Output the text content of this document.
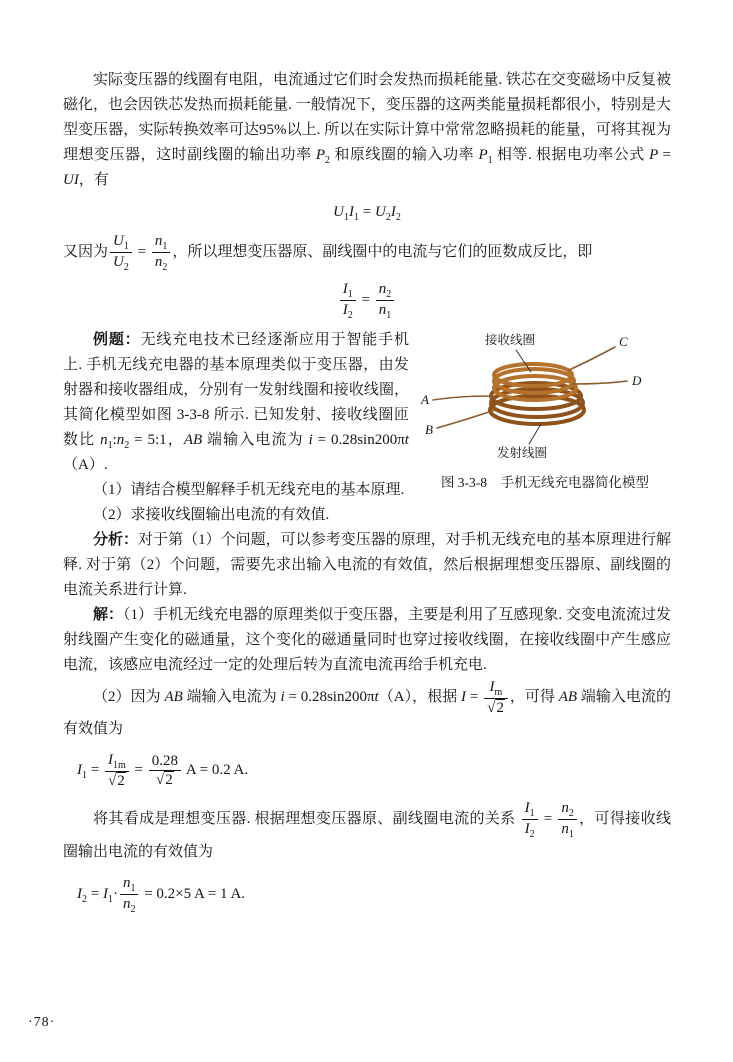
实际变压器的线圈有电阻，电流通过它们时会发热而损耗能量. 铁芯在交变磁场中反复被磁化，也会因铁芯发热而损耗能量. 一般情况下，变压器的这两类能量损耗都很小，特别是大型变压器，实际转换效率可达95%以上. 所以在实际计算中常常忽略损耗的能量，可将其视为理想变压器，这时副线圈的输出功率 $P_2$ 和原线圈的输入功率 $P_1$ 相等. 根据电功率公式 P = UI，有

$U_1I_1 = U_2I_2$

又因为 $\frac{U_1}{U_2} = \frac{n_1}{n_2}$ ，所以理想变压器原、副线圈中的电流与它们的匝数成反比，即

$\frac{I_1}{I_2} = \frac{n_2}{n_1}$

例题：无线充电技术已经逐渐应用于智能手机上. 手机无线充电器的基本原理类似于变压器，由发射器和接收器组成，分别有一发射线圈和接收线圈，其简化模型如图 3-3-8 所示. 已知发射、接收线圈匝数比 $n_1:n_2$ = 5:1，AB 端输入电流为 i = 0.28sin200πt（A）.

（1）请结合模型解释手机无线充电的基本原理.

（2）求接收线圈输出电流的有效值.

接收线圈
发射线圈
A
B
C
D
图 3-3-8　手机无线充电器简化模型

分析：对于第（1）个问题，可以参考变压器的原理，对手机无线充电的基本原理进行解释. 对于第（2）个问题，需要先求出输入电流的有效值，然后根据理想变压器原、副线圈的电流关系进行计算.

解：（1）手机无线充电器的原理类似于变压器，主要是利用了互感现象. 交变电流流过发射线圈产生变化的磁通量，这个变化的磁通量同时也穿过接收线圈，在接收线圈中产生感应电流，该感应电流经过一定的处理后转为直流电流再给手机充电.

（2）因为 AB 端输入电流为 i = 0.28sin200πt（A），根据 $I = \frac{I_m}{√2}$ ，可得 AB 端输入电流的有效值为

$I_1 = \frac{I_{1m}}{√2} = \frac{0.28}{√2}$ A = 0.2 A.

将其看成是理想变压器. 根据理想变压器原、副线圈电流的关系 $\frac{I_1}{I_2} = \frac{n_2}{n_1}$ ，可得接收线圈输出电流的有效值为

$I_2 = I_1\cdot \frac{n_1}{n_2} = 0.2\times 5$ A = 1 A.

·78·
